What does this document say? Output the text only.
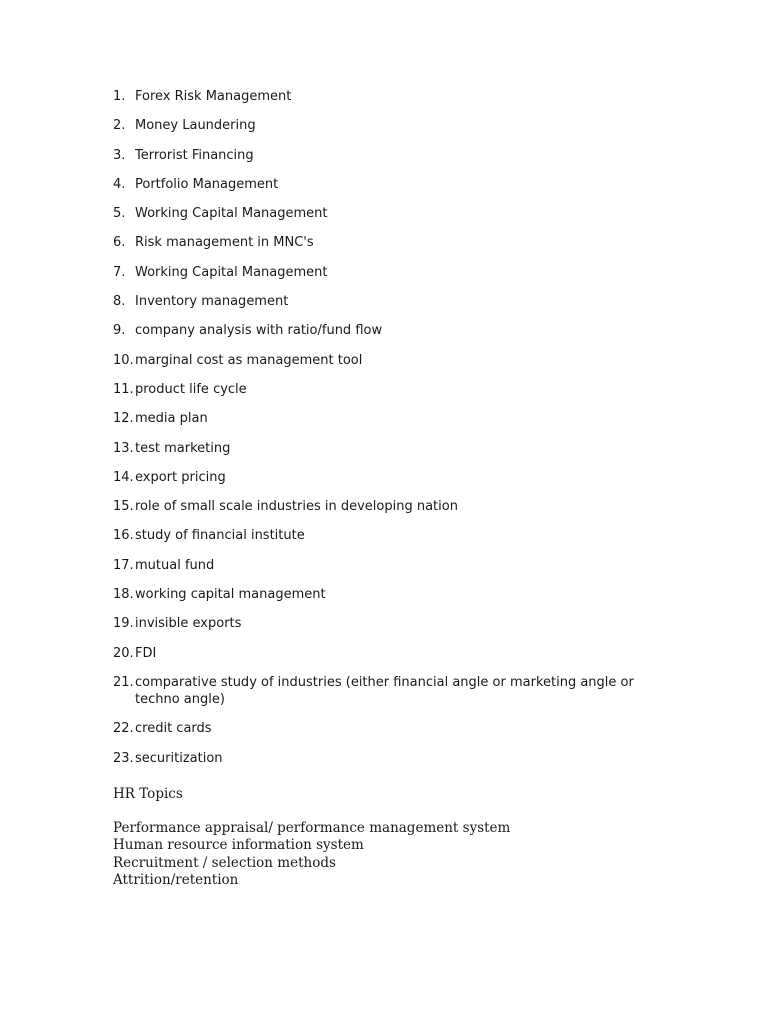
1. Forex Risk Management
2. Money Laundering
3. Terrorist Financing
4. Portfolio Management
5. Working Capital Management
6. Risk management in MNC's
7. Working Capital Management
8. Inventory management
9. company analysis with ratio/fund flow
10. marginal cost as management tool
11. product life cycle
12. media plan
13. test marketing
14. export pricing
15. role of small scale industries in developing nation
16. study of financial institute
17. mutual fund
18. working capital management
19. invisible exports
20. FDI
21. comparative study of industries (either financial angle or marketing angle or techno angle)
22. credit cards
23. securitization
HR Topics
Performance appraisal/ performance management system
Human resource information system
Recruitment / selection methods
Attrition/retention
